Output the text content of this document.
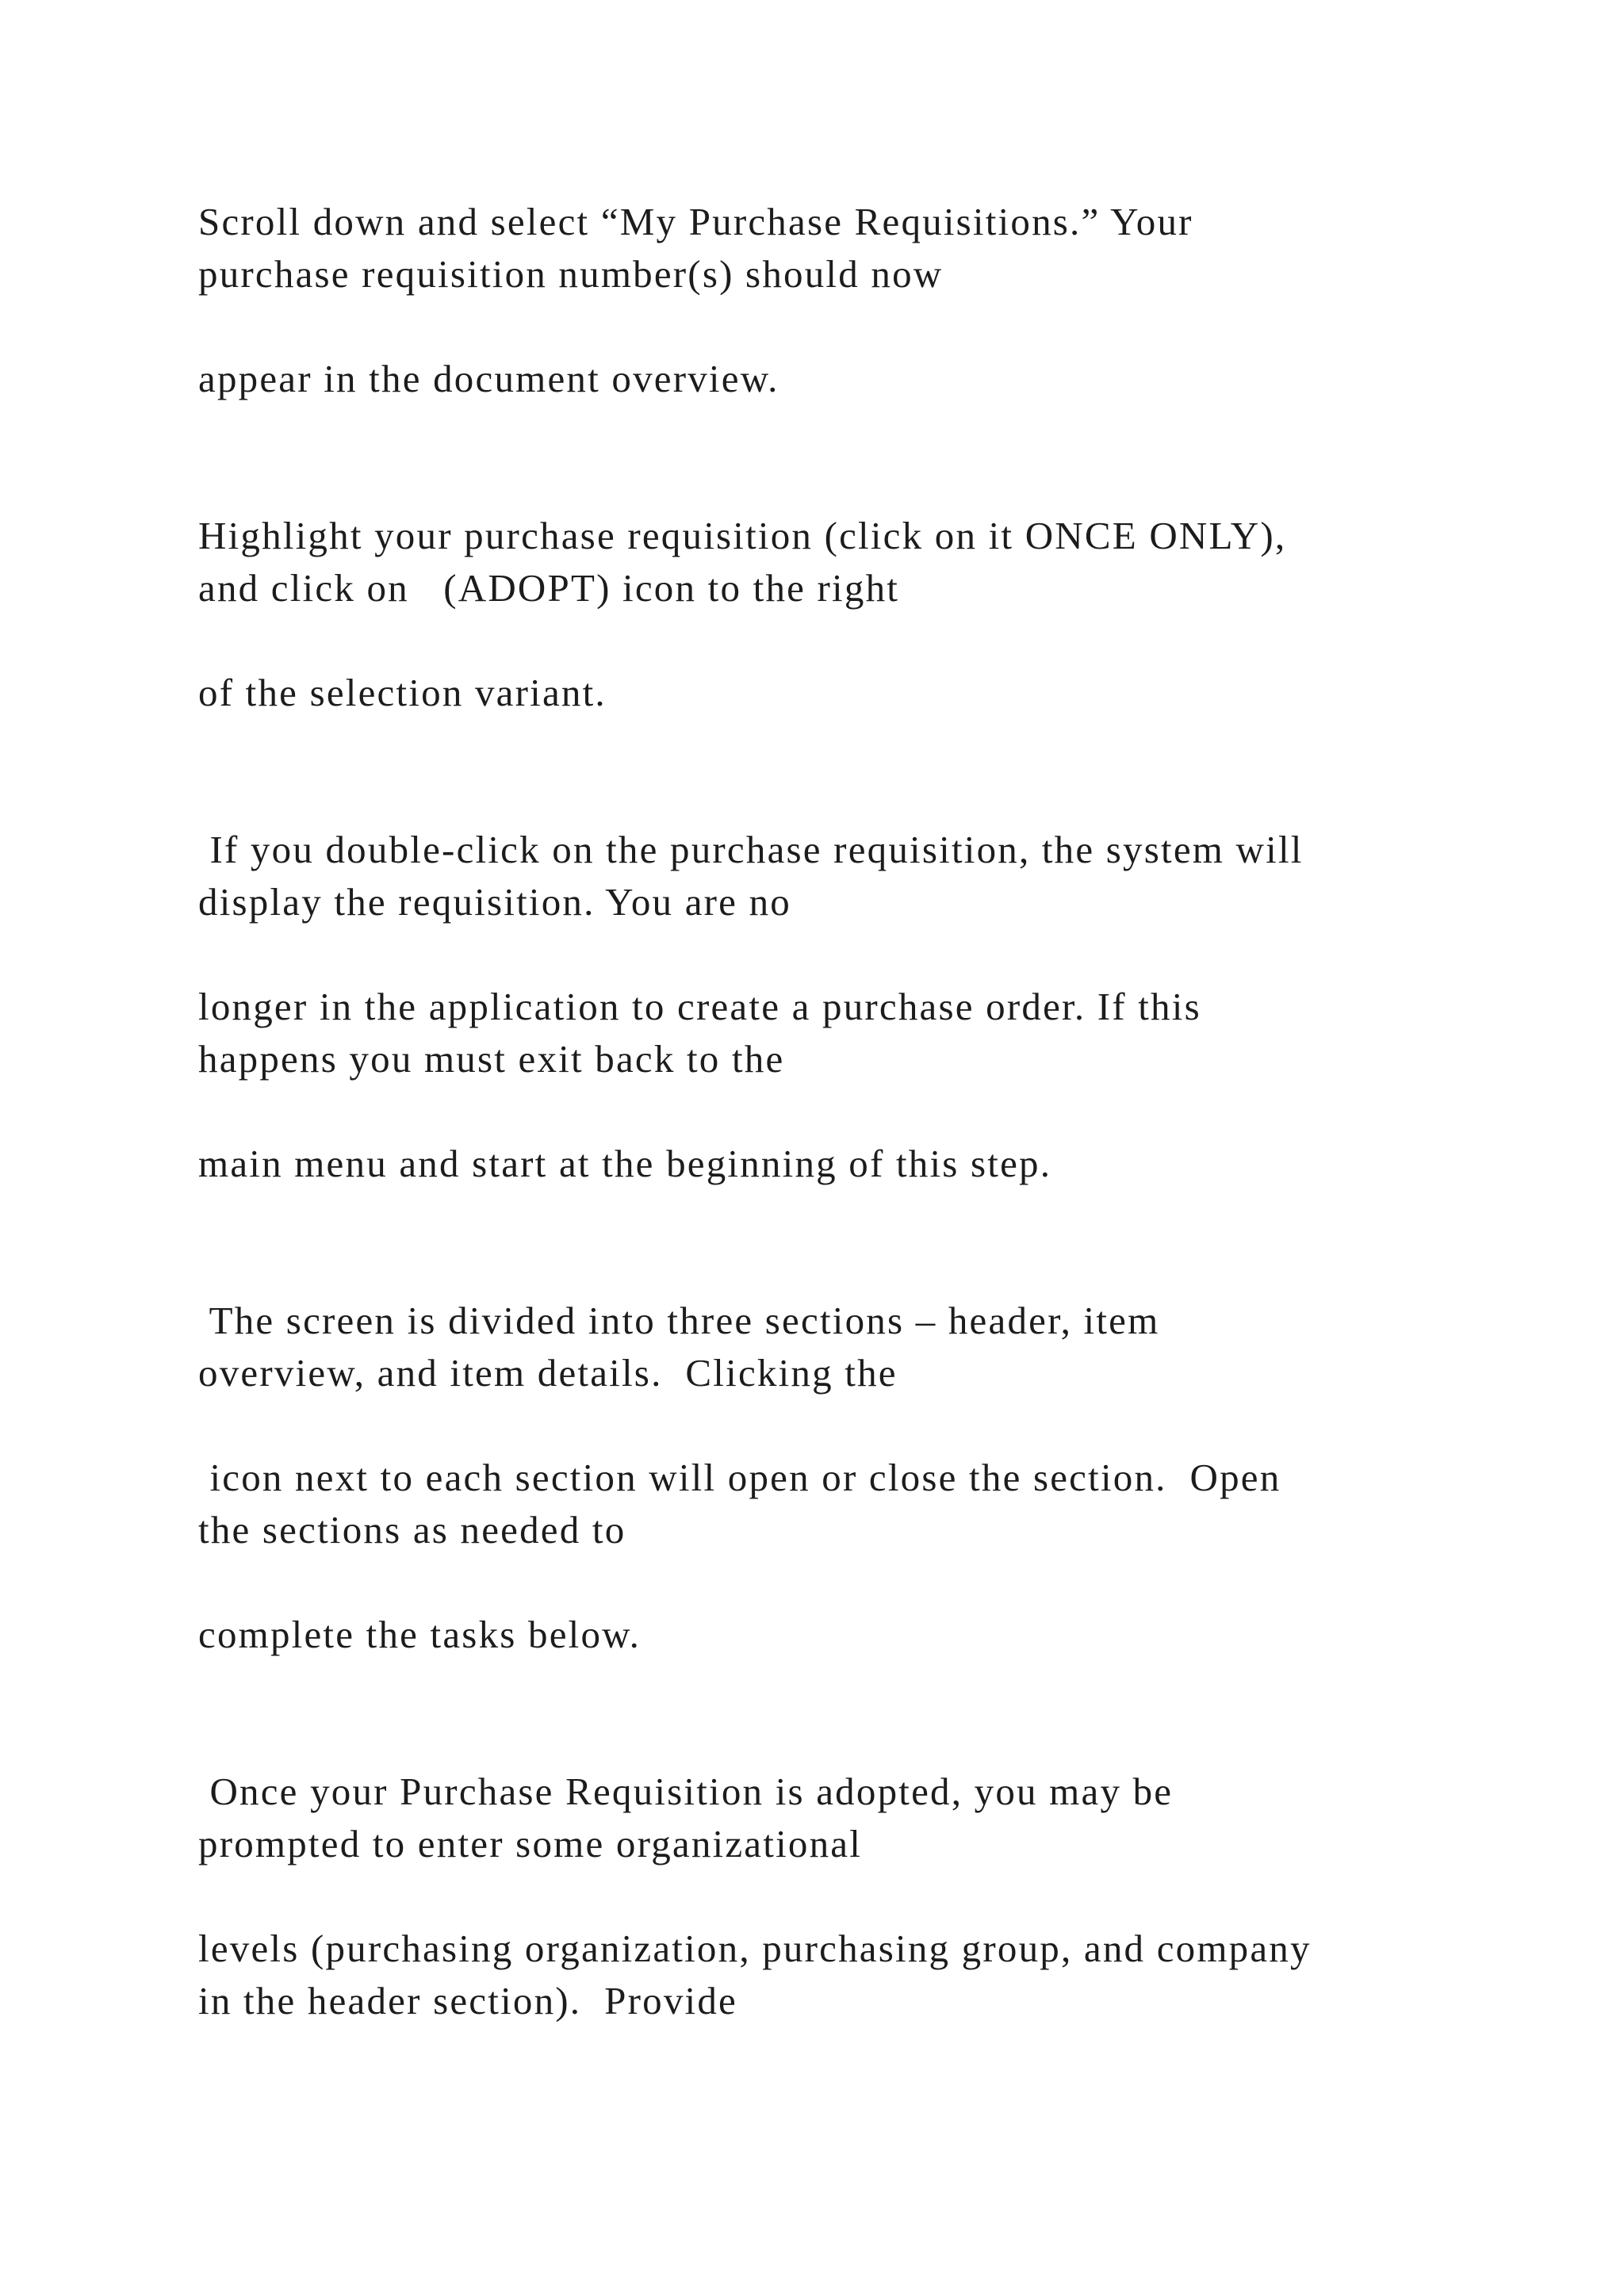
Scroll down and select “My Purchase Requisitions.” Your

purchase requisition number(s) should now

appear in the document overview.

Highlight your purchase requisition (click on it ONCE ONLY),

and click on   (ADOPT) icon to the right

of the selection variant.

If you double-click on the purchase requisition, the system will

display the requisition. You are no

longer in the application to create a purchase order. If this

happens you must exit back to the

main menu and start at the beginning of this step.

The screen is divided into three sections – header, item

overview, and item details.  Clicking the

icon next to each section will open or close the section.  Open

the sections as needed to

complete the tasks below.

Once your Purchase Requisition is adopted, you may be

prompted to enter some organizational

levels (purchasing organization, purchasing group, and company

in the header section).  Provide
